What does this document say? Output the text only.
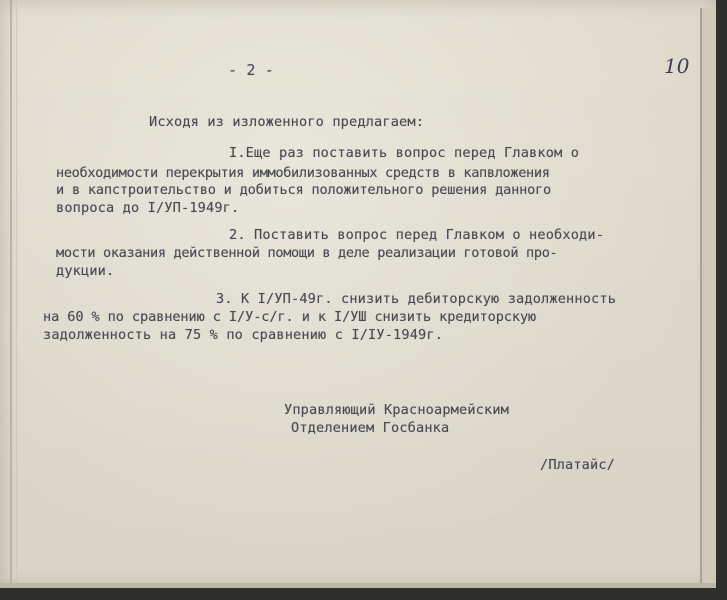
- 2 -	10
Исходя из изложенного предлагаем:
I.Еще раз поставить вопрос перед Главком о
необходимости перекрытия иммобилизованных средств в капвложения
и в капстроительство и добиться положительного решения данного
вопроса до I/УП-1949г.
2. Поставить вопрос перед Главком о необходи-
мости оказания действенной помощи в деле реализации готовой про-
дукции.
3. К I/УП-49г. снизить дебиторскую задолженность
на 60 % по сравнению с I/У-с/г. и к I/УШ снизить кредиторскую
задолженность на 75 % по сравнению с I/IУ-1949г.
Управляющий Красноармейским
Отделением Госбанка
/Платайс/
